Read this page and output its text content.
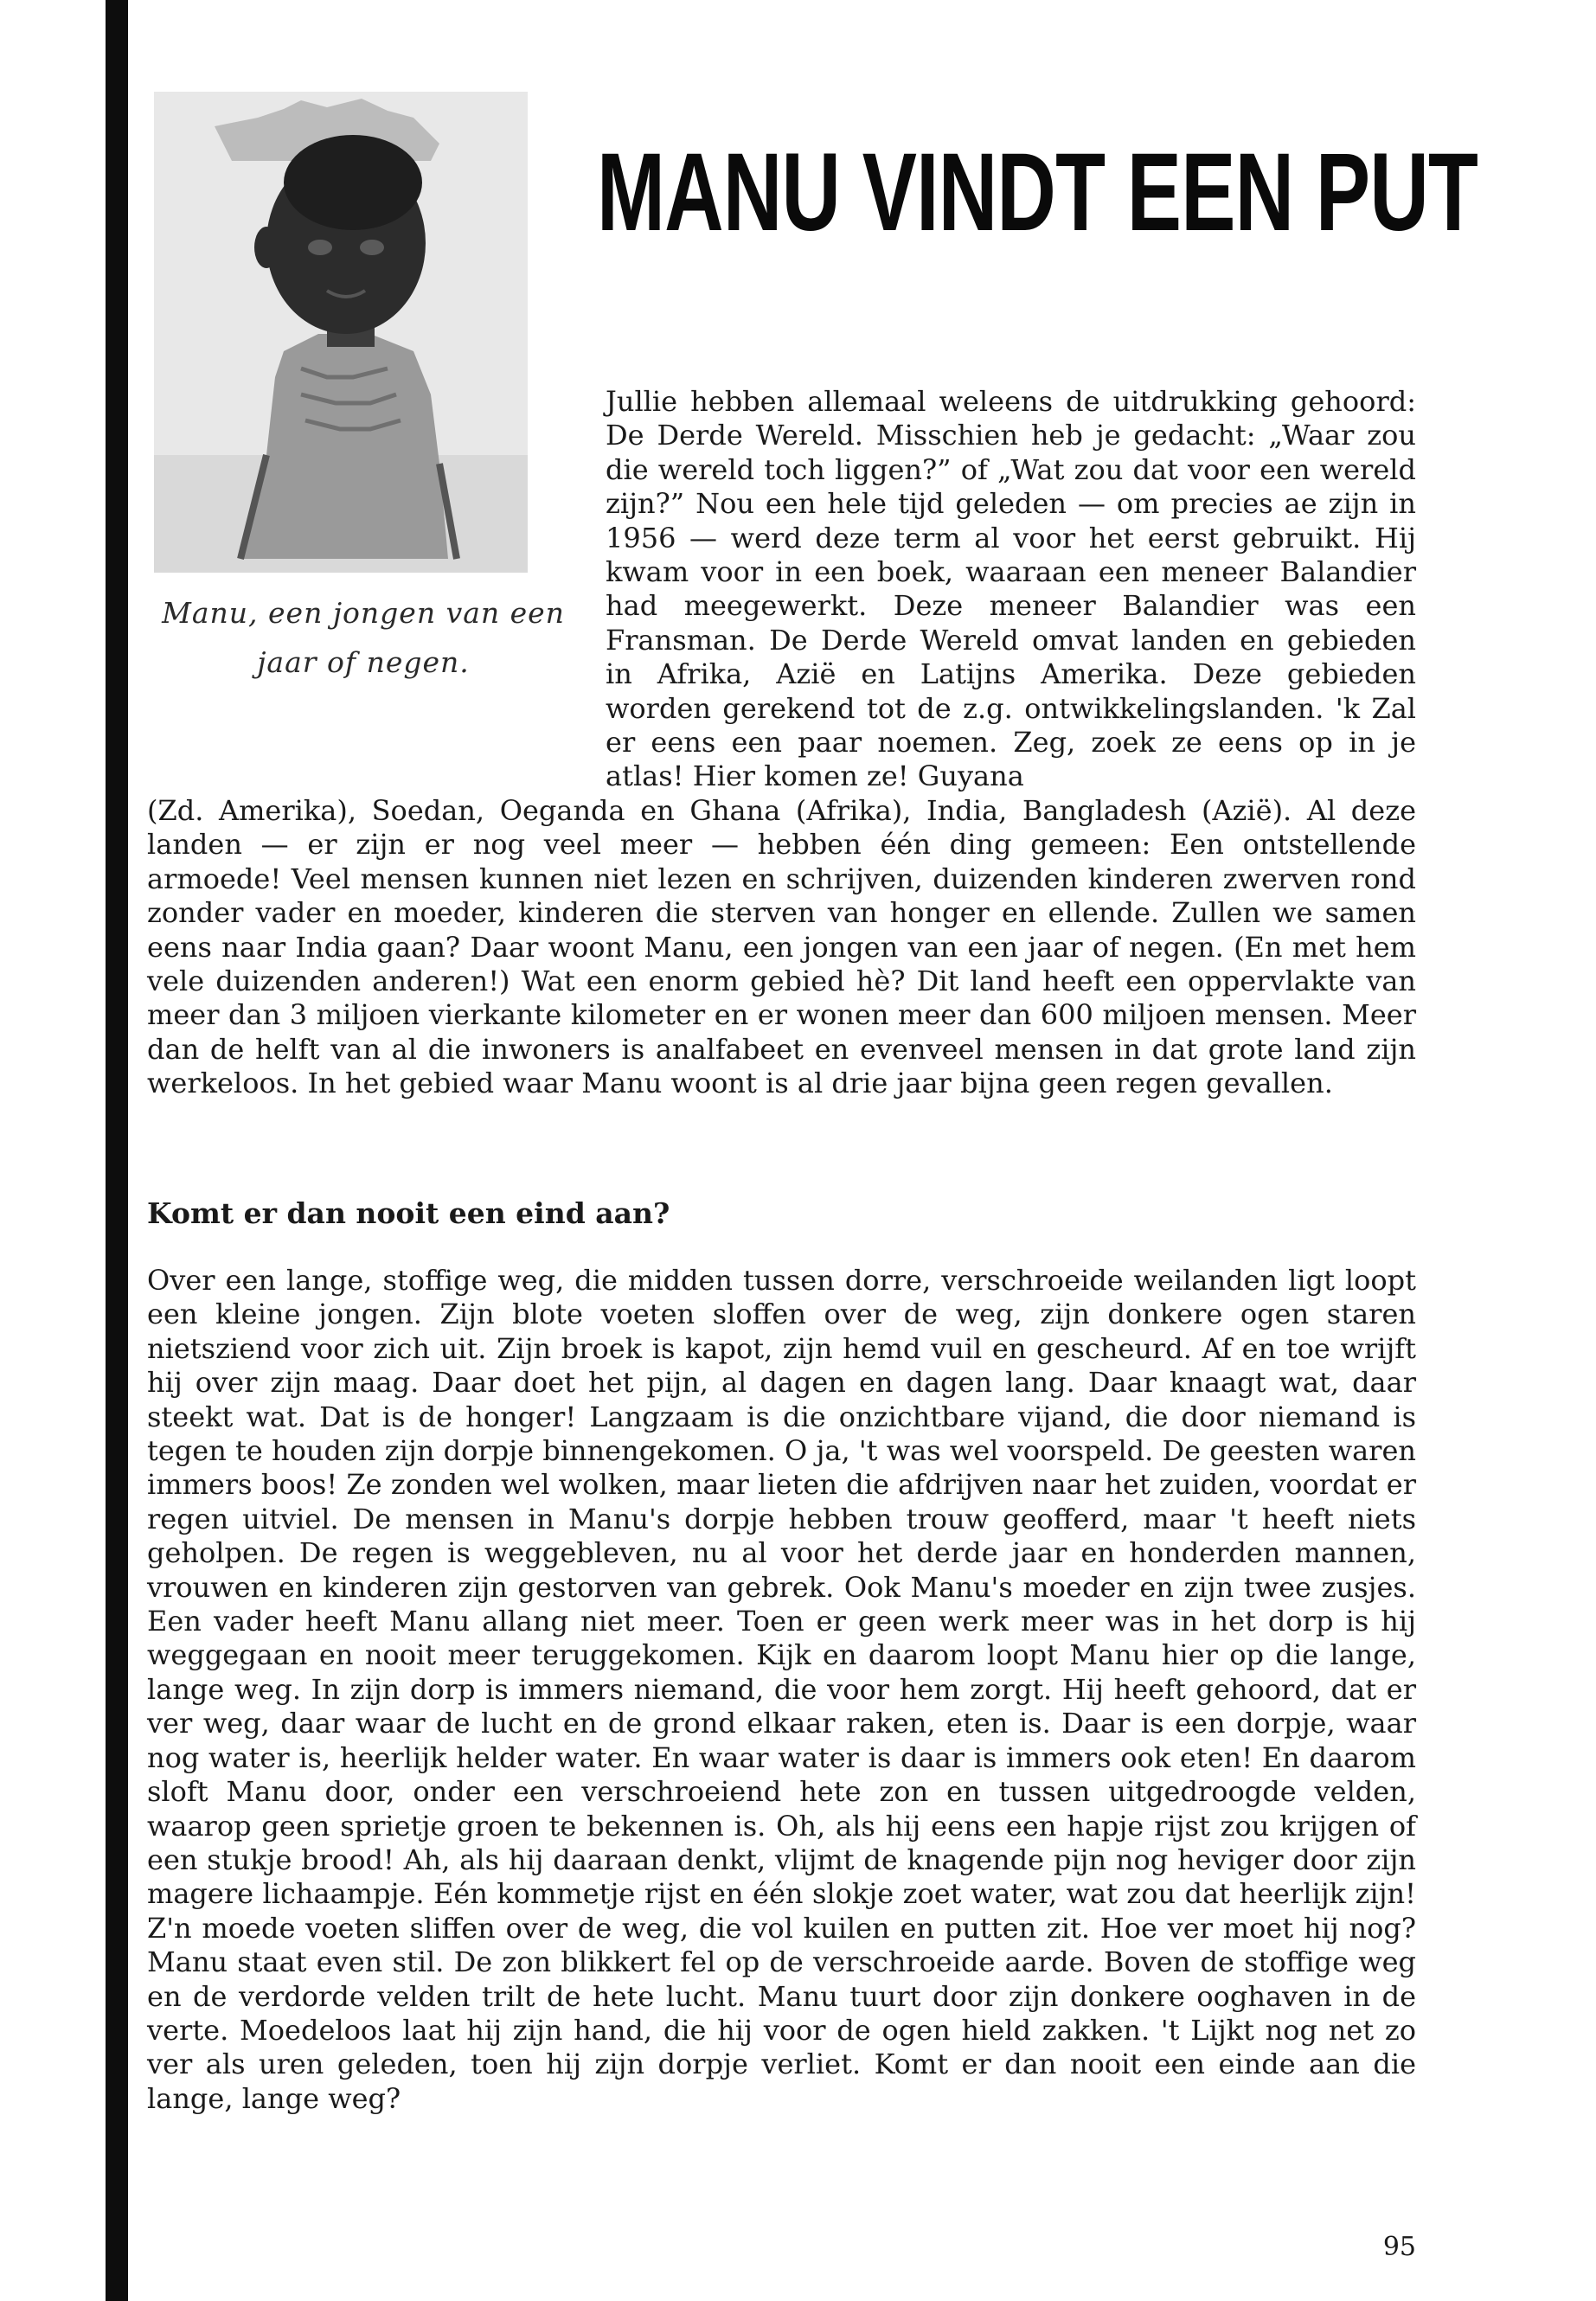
Manu, een jongen van een
jaar of negen.
MANU VINDT EEN PUT

Jullie hebben allemaal weleens de uitdrukking gehoord: De Derde Wereld. Misschien heb je gedacht: „Waar zou die wereld toch liggen?” of „Wat zou dat voor een wereld zijn?” Nou een hele tijd geleden — om precies ae zijn in 1956 — werd deze term al voor het eerst gebruikt. Hij kwam voor in een boek, waaraan een meneer Balandier had meegewerkt. Deze meneer Balandier was een Fransman. De Derde Wereld omvat landen en gebieden in Afrika, Azië en Latijns Amerika. Deze gebieden worden gerekend tot de z.g. ontwikkelingslanden. 'k Zal er eens een paar noemen. Zeg, zoek ze eens op in je atlas! Hier komen ze! Guyana

(Zd. Amerika), Soedan, Oeganda en Ghana (Afrika), India, Bangladesh (Azië). Al deze landen — er zijn er nog veel meer — hebben één ding gemeen: Een ontstellende armoede! Veel mensen kunnen niet lezen en schrijven, duizenden kinderen zwerven rond zonder vader en moeder, kinderen die sterven van honger en ellende. Zullen we samen eens naar India gaan? Daar woont Manu, een jongen van een jaar of negen. (En met hem vele duizenden anderen!) Wat een enorm gebied hè? Dit land heeft een oppervlakte van meer dan 3 miljoen vierkante kilometer en er wonen meer dan 600 miljoen mensen. Meer dan de helft van al die inwoners is analfabeet en evenveel mensen in dat grote land zijn werkeloos. In het gebied waar Manu woont is al drie jaar bijna geen regen gevallen.

Komt er dan nooit een eind aan?

Over een lange, stoffige weg, die midden tussen dorre, verschroeide weilanden ligt loopt een kleine jongen. Zijn blote voeten sloffen over de weg, zijn donkere ogen staren nietsziend voor zich uit. Zijn broek is kapot, zijn hemd vuil en gescheurd. Af en toe wrijft hij over zijn maag. Daar doet het pijn, al dagen en dagen lang. Daar knaagt wat, daar steekt wat. Dat is de honger! Langzaam is die onzichtbare vijand, die door niemand is tegen te houden zijn dorpje binnengekomen. O ja, 't was wel voorspeld. De geesten waren immers boos! Ze zonden wel wolken, maar lieten die afdrijven naar het zuiden, voordat er regen uitviel. De mensen in Manu's dorpje hebben trouw geofferd, maar 't heeft niets geholpen. De regen is weggebleven, nu al voor het derde jaar en honderden mannen, vrouwen en kinderen zijn gestorven van gebrek. Ook Manu's moeder en zijn twee zusjes. Een vader heeft Manu allang niet meer. Toen er geen werk meer was in het dorp is hij weggegaan en nooit meer teruggekomen. Kijk en daarom loopt Manu hier op die lange, lange weg. In zijn dorp is immers niemand, die voor hem zorgt. Hij heeft gehoord, dat er ver weg, daar waar de lucht en de grond elkaar raken, eten is. Daar is een dorpje, waar nog water is, heerlijk helder water. En waar water is daar is immers ook eten! En daarom sloft Manu door, onder een verschroeiend hete zon en tussen uitgedroogde velden, waarop geen sprietje groen te bekennen is. Oh, als hij eens een hapje rijst zou krijgen of een stukje brood! Ah, als hij daaraan denkt, vlijmt de knagende pijn nog heviger door zijn magere lichaampje. Eén kommetje rijst en één slokje zoet water, wat zou dat heerlijk zijn! Z'n moede voeten sliffen over de weg, die vol kuilen en putten zit. Hoe ver moet hij nog? Manu staat even stil. De zon blikkert fel op de verschroeide aarde. Boven de stoffige weg en de verdorde velden trilt de hete lucht. Manu tuurt door zijn donkere ooghaven in de verte. Moedeloos laat hij zijn hand, die hij voor de ogen hield zakken. 't Lijkt nog net zo ver als uren geleden, toen hij zijn dorpje verliet. Komt er dan nooit een einde aan die lange, lange weg?

95
